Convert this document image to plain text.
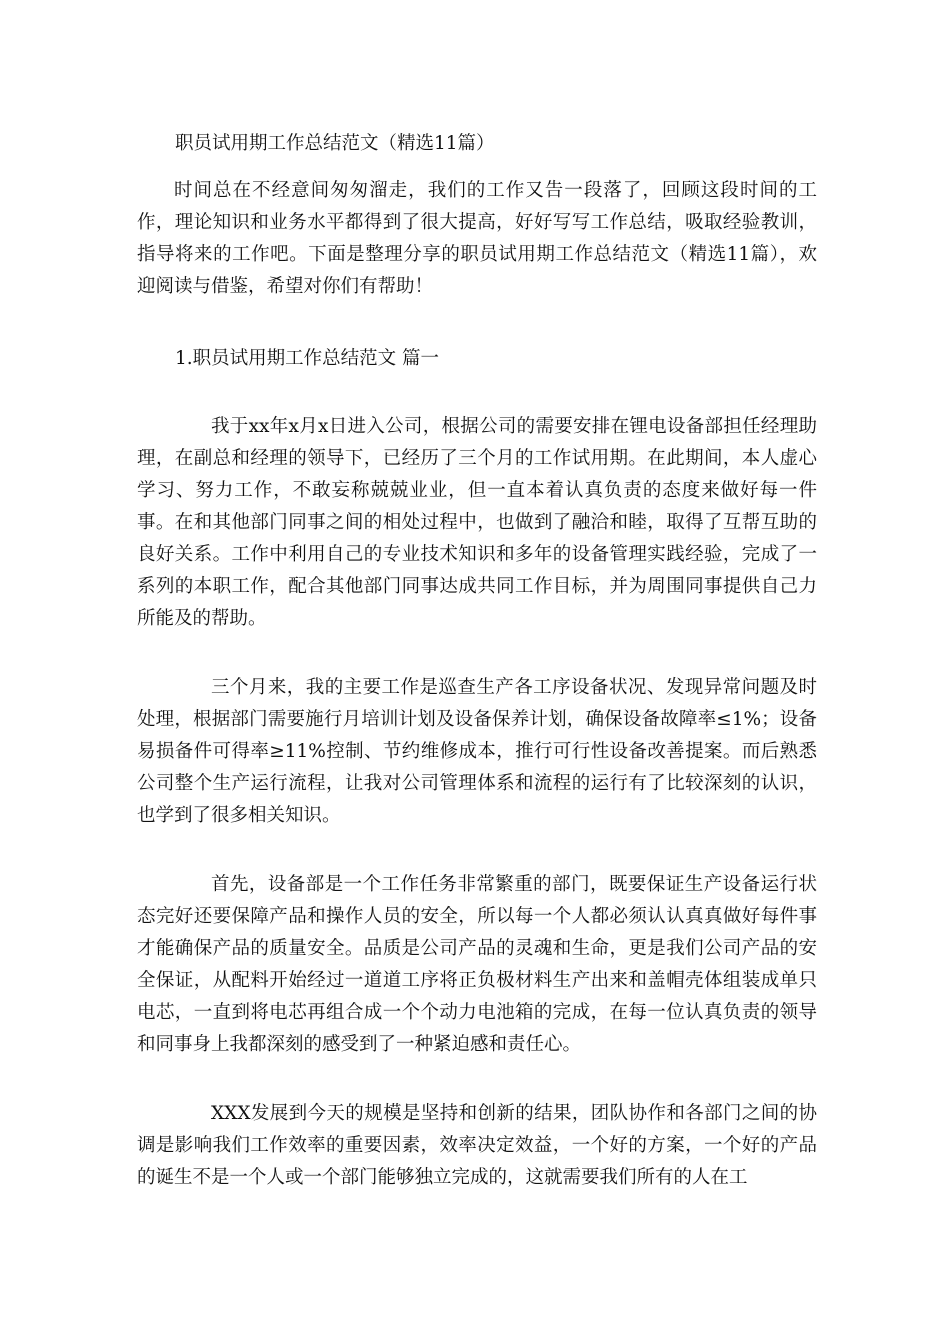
职员试用期工作总结范文（精选11篇）

时间总在不经意间匆匆溜走，我们的工作又告一段落了，回顾这段时间的工作，理论知识和业务水平都得到了很大提高，好好写写工作总结，吸取经验教训，指导将来的工作吧。下面是整理分享的职员试用期工作总结范文（精选11篇），欢迎阅读与借鉴，希望对你们有帮助！

1.职员试用期工作总结范文 篇一

我于xx年x月x日进入公司，根据公司的需要安排在锂电设备部担任经理助理，在副总和经理的领导下，已经历了三个月的工作试用期。在此期间，本人虚心学习、努力工作，不敢妄称兢兢业业，但一直本着认真负责的态度来做好每一件事。在和其他部门同事之间的相处过程中，也做到了融洽和睦，取得了互帮互助的良好关系。工作中利用自己的专业技术知识和多年的设备管理实践经验，完成了一系列的本职工作，配合其他部门同事达成共同工作目标，并为周围同事提供自己力所能及的帮助。

三个月来，我的主要工作是巡查生产各工序设备状况、发现异常问题及时处理，根据部门需要施行月培训计划及设备保养计划，确保设备故障率≤1%；设备易损备件可得率≥11%控制、节约维修成本，推行可行性设备改善提案。而后熟悉公司整个生产运行流程，让我对公司管理体系和流程的运行有了比较深刻的认识，也学到了很多相关知识。

首先，设备部是一个工作任务非常繁重的部门，既要保证生产设备运行状态完好还要保障产品和操作人员的安全，所以每一个人都必须认认真真做好每件事才能确保产品的质量安全。品质是公司产品的灵魂和生命，更是我们公司产品的安全保证，从配料开始经过一道道工序将正负极材料生产出来和盖帽壳体组装成单只电芯，一直到将电芯再组合成一个个动力电池箱的完成，在每一位认真负责的领导和同事身上我都深刻的感受到了一种紧迫感和责任心。

XXX发展到今天的规模是坚持和创新的结果，团队协作和各部门之间的协调是影响我们工作效率的重要因素，效率决定效益，一个好的方案，一个好的产品的诞生不是一个人或一个部门能够独立完成的，这就需要我们所有的人在工
